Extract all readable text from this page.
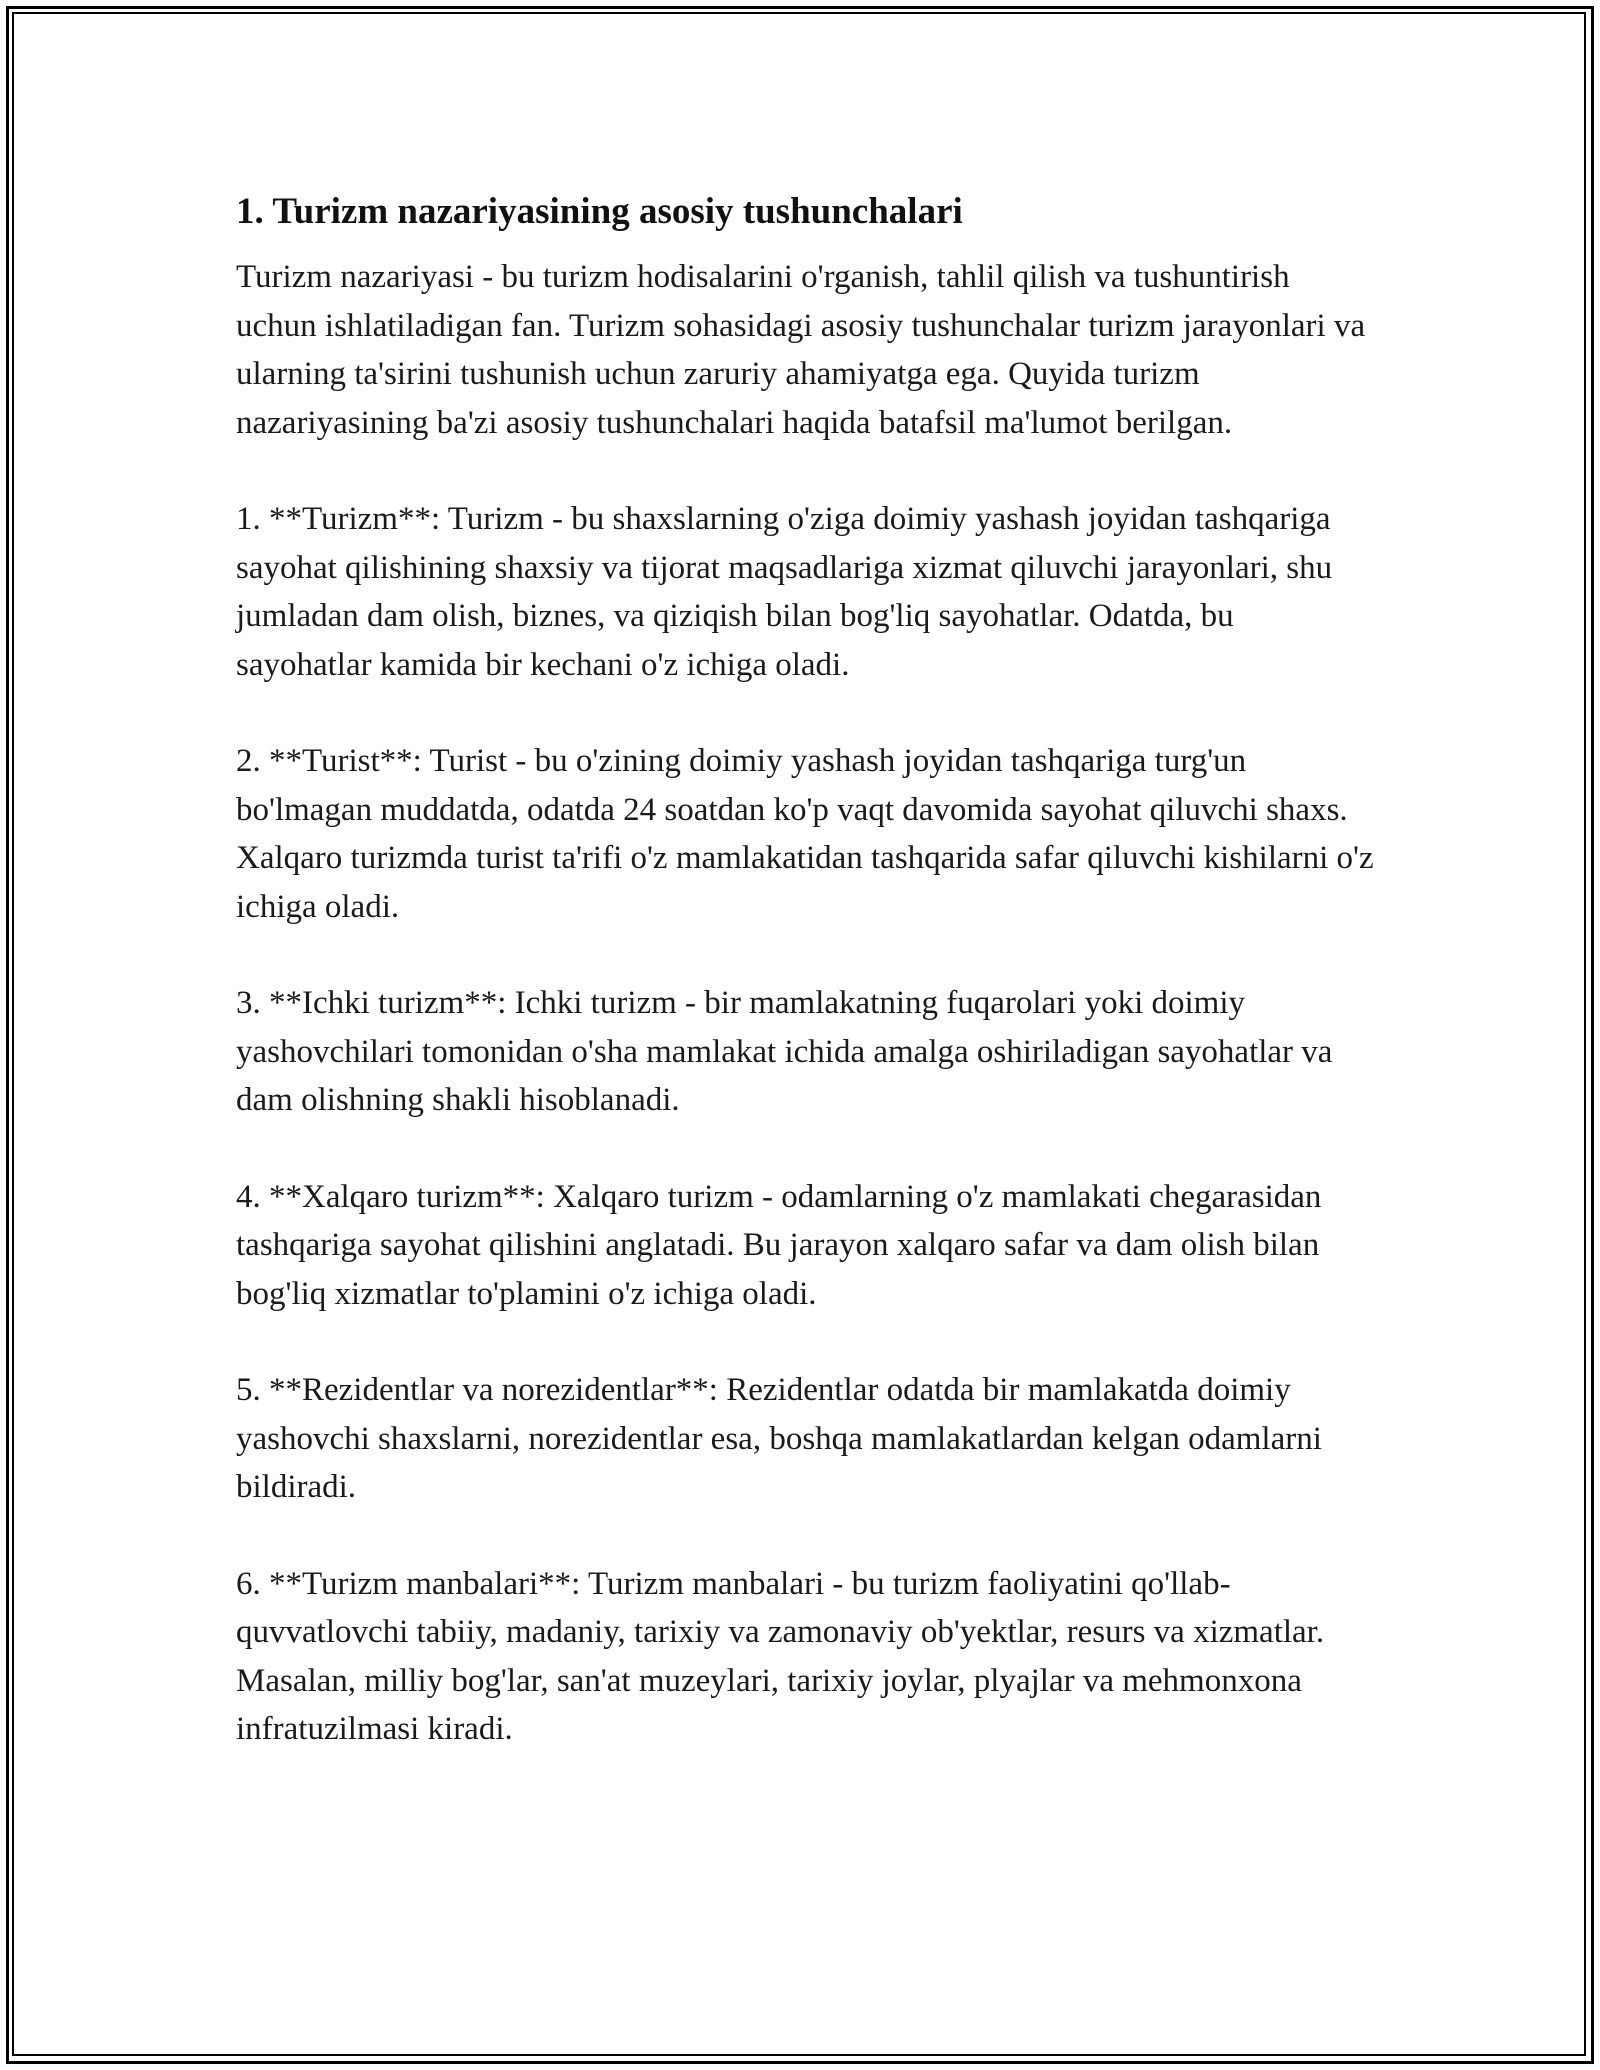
1. Turizm nazariyasining asosiy tushunchalari

Turizm nazariyasi - bu turizm hodisalarini o'rganish, tahlil qilish va tushuntirish uchun ishlatiladigan fan. Turizm sohasidagi asosiy tushunchalar turizm jarayonlari va ularning ta'sirini tushunish uchun zaruriy ahamiyatga ega. Quyida turizm nazariyasining ba'zi asosiy tushunchalari haqida batafsil ma'lumot berilgan.

1. **Turizm**: Turizm - bu shaxslarning o'ziga doimiy yashash joyidan tashqariga sayohat qilishining shaxsiy va tijorat maqsadlariga xizmat qiluvchi jarayonlari, shu jumladan dam olish, biznes, va qiziqish bilan bog'liq sayohatlar. Odatda, bu sayohatlar kamida bir kechani o'z ichiga oladi.

2. **Turist**: Turist - bu o'zining doimiy yashash joyidan tashqariga turg'un bo'lmagan muddatda, odatda 24 soatdan ko'p vaqt davomida sayohat qiluvchi shaxs. Xalqaro turizmda turist ta'rifi o'z mamlakatidan tashqarida safar qiluvchi kishilarni o'z ichiga oladi.

3. **Ichki turizm**: Ichki turizm - bir mamlakatning fuqarolari yoki doimiy yashovchilari tomonidan o'sha mamlakat ichida amalga oshiriladigan sayohatlar va dam olishning shakli hisoblanadi.

4. **Xalqaro turizm**: Xalqaro turizm - odamlarning o'z mamlakati chegarasidan tashqariga sayohat qilishini anglatadi. Bu jarayon xalqaro safar va dam olish bilan bog'liq xizmatlar to'plamini o'z ichiga oladi.

5. **Rezidentlar va norezidentlar**: Rezidentlar odatda bir mamlakatda doimiy yashovchi shaxslarni, norezidentlar esa, boshqa mamlakatlardan kelgan odamlarni bildiradi.

6. **Turizm manbalari**: Turizm manbalari - bu turizm faoliyatini qo'llab-quvvatlovchi tabiiy, madaniy, tarixiy va zamonaviy ob'yektlar, resurs va xizmatlar. Masalan, milliy bog'lar, san'at muzeylari, tarixiy joylar, plyajlar va mehmonxona infratuzilmasi kiradi.
